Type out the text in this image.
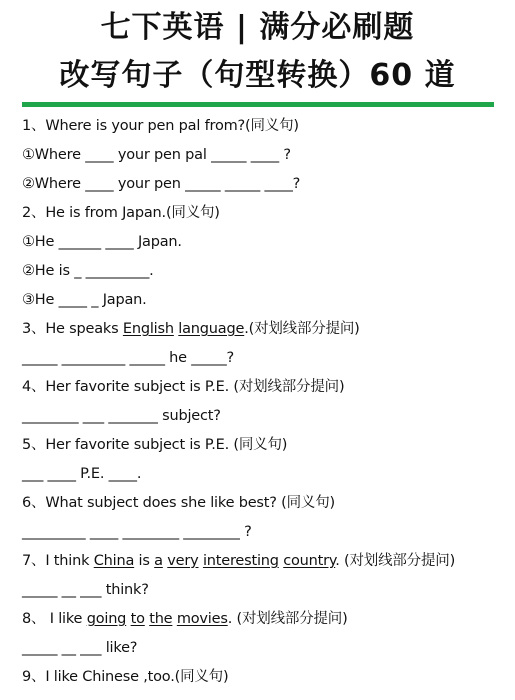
七下英语 | 满分必刷题
改写句子（句型转换）60 道
1、Where is your pen pal from?(同义句)
①Where ____ your pen pal _____ ____ ?
②Where ____ your pen _____ _____ ____?
2、He is from Japan.(同义句)
①He ______ ____ Japan.
②He is _ _________.
③He ____ _ Japan.
3、He speaks English language.(对划线部分提问)
_____ _________ _____ he _____?
4、Her favorite subject is P.E. (对划线部分提问)
________ ___ _______ subject?
5、Her favorite subject is P.E. (同义句)
___ ____ P.E. ____.
6、What subject does she like best? (同义句)
_________ ____ ________ ________ ?
7、I think China is a very interesting country. (对划线部分提问)
_____ __ ___ think?
8、 I like going to the movies. (对划线部分提问)
_____ __ ___ like?
9、I like Chinese ,too.(同义句)
